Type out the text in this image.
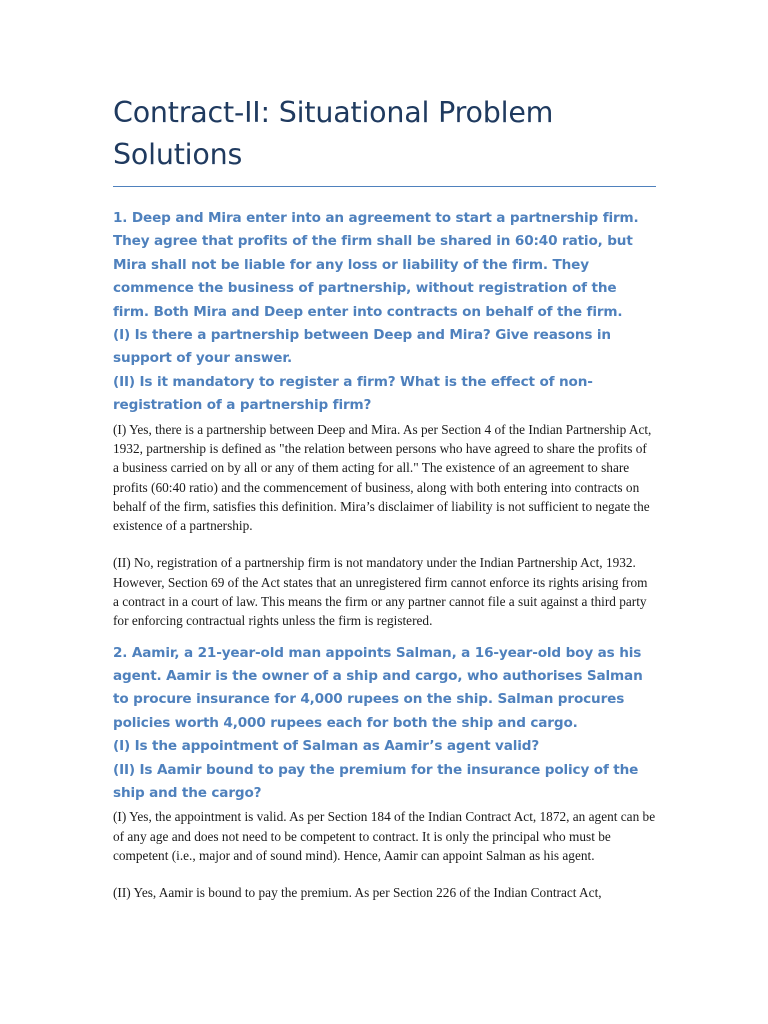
Contract-II: Situational Problem Solutions

1. Deep and Mira enter into an agreement to start a partnership firm. They agree that profits of the firm shall be shared in 60:40 ratio, but Mira shall not be liable for any loss or liability of the firm. They commence the business of partnership, without registration of the firm. Both Mira and Deep enter into contracts on behalf of the firm.

(I) Is there a partnership between Deep and Mira? Give reasons in support of your answer.

(II) Is it mandatory to register a firm? What is the effect of non-registration of a partnership firm?

(I) Yes, there is a partnership between Deep and Mira. As per Section 4 of the Indian Partnership Act, 1932, partnership is defined as "the relation between persons who have agreed to share the profits of a business carried on by all or any of them acting for all." The existence of an agreement to share profits (60:40 ratio) and the commencement of business, along with both entering into contracts on behalf of the firm, satisfies this definition. Mira’s disclaimer of liability is not sufficient to negate the existence of a partnership.

(II) No, registration of a partnership firm is not mandatory under the Indian Partnership Act, 1932. However, Section 69 of the Act states that an unregistered firm cannot enforce its rights arising from a contract in a court of law. This means the firm or any partner cannot file a suit against a third party for enforcing contractual rights unless the firm is registered.

2. Aamir, a 21-year-old man appoints Salman, a 16-year-old boy as his agent. Aamir is the owner of a ship and cargo, who authorises Salman to procure insurance for 4,000 rupees on the ship. Salman procures policies worth 4,000 rupees each for both the ship and cargo.

(I) Is the appointment of Salman as Aamir’s agent valid?

(II) Is Aamir bound to pay the premium for the insurance policy of the ship and the cargo?

(I) Yes, the appointment is valid. As per Section 184 of the Indian Contract Act, 1872, an agent can be of any age and does not need to be competent to contract. It is only the principal who must be competent (i.e., major and of sound mind). Hence, Aamir can appoint Salman as his agent.

(II) Yes, Aamir is bound to pay the premium. As per Section 226 of the Indian Contract Act,
